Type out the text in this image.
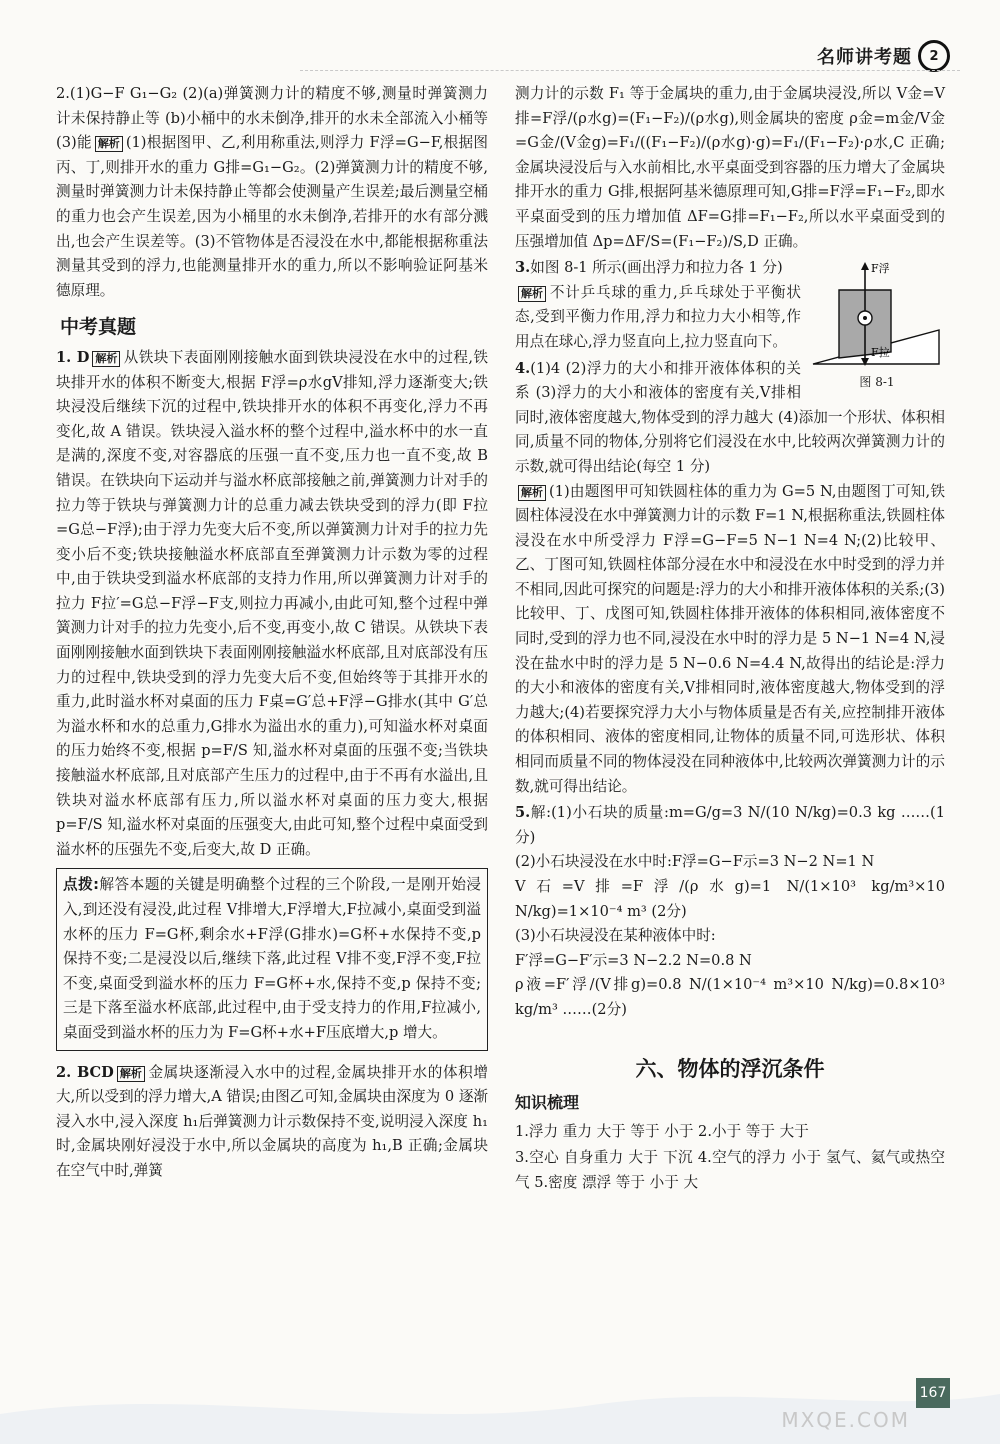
名师讲考题	2

2.(1)G−F G₁−G₂ (2)(a)弹簧测力计的精度不够,测量时弹簧测力计未保持静止等 (b)小桶中的水未倒净,排开的水未全部流入小桶等 (3)能 解析 (1)根据图甲、乙,利用称重法,则浮力 F浮=G−F,根据图丙、丁,则排开水的重力 G排=G₁−G₂。(2)弹簧测力计的精度不够,测量时弹簧测力计未保持静止等都会使测量产生误差;最后测量空桶的重力也会产生误差,因为小桶里的水未倒净,若排开的水有部分溅出,也会产生误差等。(3)不管物体是否浸没在水中,都能根据称重法测量其受到的浮力,也能测量排开水的重力,所以不影响验证阿基米德原理。

中考真题

1. D 解析 从铁块下表面刚刚接触水面到铁块浸没在水中的过程,铁块排开水的体积不断变大,根据 F浮=ρ水gV排知,浮力逐渐变大;铁块浸没后继续下沉的过程中,铁块排开水的体积不再变化,浮力不再变化,故 A 错误。铁块浸入溢水杯的整个过程中,溢水杯中的水一直是满的,深度不变,对容器底的压强一直不变,压力也一直不变,故 B 错误。在铁块向下运动并与溢水杯底部接触之前,弹簧测力计对手的拉力等于铁块与弹簧测力计的总重力减去铁块受到的浮力(即 F拉=G总−F浮);由于浮力先变大后不变,所以弹簧测力计对手的拉力先变小后不变;铁块接触溢水杯底部直至弹簧测力计示数为零的过程中,由于铁块受到溢水杯底部的支持力作用,所以弹簧测力计对手的拉力 F拉′=G总−F浮−F支,则拉力再减小,由此可知,整个过程中弹簧测力计对手的拉力先变小,后不变,再变小,故 C 错误。从铁块下表面刚刚接触水面到铁块下表面刚刚接触溢水杯底部,且对底部没有压力的过程中,铁块受到的浮力先变大后不变,但始终等于其排开水的重力,此时溢水杯对桌面的压力 F桌=G′总+F浮−G排水(其中 G′总为溢水杯和水的总重力,G排水为溢出水的重力),可知溢水杯对桌面的压力始终不变,根据 p=F/S 知,溢水杯对桌面的压强不变;当铁块接触溢水杯底部,且对底部产生压力的过程中,由于不再有水溢出,且铁块对溢水杯底部有压力,所以溢水杯对桌面的压力变大,根据 p=F/S 知,溢水杯对桌面的压强变大,由此可知,整个过程中桌面受到溢水杯的压强先不变,后变大,故 D 正确。

点拨:解答本题的关键是明确整个过程的三个阶段,一是刚开始浸入,到还没有浸没,此过程 V排增大,F浮增大,F拉减小,桌面受到溢水杯的压力 F=G杯,剩余水+F浮(G排水)=G杯+水保持不变,p 保持不变;二是浸没以后,继续下落,此过程 V排不变,F浮不变,F拉不变,桌面受到溢水杯的压力 F=G杯+水,保持不变,p 保持不变;三是下落至溢水杯底部,此过程中,由于受支持力的作用,F拉减小,桌面受到溢水杯的压力为 F=G杯+水+F压底增大,p 增大。

2. BCD 解析 金属块逐渐浸入水中的过程,金属块排开水的体积增大,所以受到的浮力增大,A 错误;由图乙可知,金属块由深度为 0 逐渐浸入水中,浸入深度 h₁后弹簧测力计示数保持不变,说明浸入深度 h₁时,金属块刚好浸没于水中,所以金属块的高度为 h₁,B 正确;金属块在空气中时,弹簧

测力计的示数 F₁ 等于金属块的重力,由于金属块浸没,所以 V金=V排=F浮/(ρ水g)=(F₁−F₂)/(ρ水g),则金属块的密度 ρ金=m金/V金=G金/(V金g)=F₁/((F₁−F₂)/(ρ水g)·g)=F₁/(F₁−F₂)·ρ水,C 正确;金属块浸没后与入水前相比,水平桌面受到容器的压力增大了金属块排开水的重力 G排,根据阿基米德原理可知,G排=F浮=F₁−F₂,即水平桌面受到的压力增加值 ΔF=G排=F₁−F₂,所以水平桌面受到的压强增加值 Δp=ΔF/S=(F₁−F₂)/S,D 正确。

F浮
F拉
图 8-1

3.如图 8-1 所示(画出浮力和拉力各 1 分)
解析 不计乒乓球的重力,乒乓球处于平衡状态,受到平衡力作用,浮力和拉力大小相等,作用点在球心,浮力竖直向上,拉力竖直向下。

4.(1)4 (2)浮力的大小和排开液体体积的关系 (3)浮力的大小和液体的密度有关,V排相同时,液体密度越大,物体受到的浮力越大 (4)添加一个形状、体积相同,质量不同的物体,分别将它们浸没在水中,比较两次弹簧测力计的示数,就可得出结论(每空 1 分)
解析 (1)由题图甲可知铁圆柱体的重力为 G=5 N,由题图丁可知,铁圆柱体浸没在水中弹簧测力计的示数 F=1 N,根据称重法,铁圆柱体浸没在水中所受浮力 F浮=G−F=5 N−1 N=4 N;(2)比较甲、乙、丁图可知,铁圆柱体部分浸在水中和浸没在水中时受到的浮力并不相同,因此可探究的问题是:浮力的大小和排开液体体积的关系;(3)比较甲、丁、戊图可知,铁圆柱体排开液体的体积相同,液体密度不同时,受到的浮力也不同,浸没在水中时的浮力是 5 N−1 N=4 N,浸没在盐水中时的浮力是 5 N−0.6 N=4.4 N,故得出的结论是:浮力的大小和液体的密度有关,V排相同时,液体密度越大,物体受到的浮力越大;(4)若要探究浮力大小与物体质量是否有关,应控制排开液体的体积相同、液体的密度相同,让物体的质量不同,可选形状、体积相同而质量不同的物体浸没在同种液体中,比较两次弹簧测力计的示数,就可得出结论。

5.解:(1)小石块的质量:m=G/g=3 N/(10 N/kg)=0.3 kg ……(1分)
(2)小石块浸没在水中时:F浮=G−F示=3 N−2 N=1 N
V石=V排=F浮/(ρ水g)=1 N/(1×10³ kg/m³×10 N/kg)=1×10⁻⁴ m³ (2分)
(3)小石块浸没在某种液体中时:
F′浮=G−F′示=3 N−2.2 N=0.8 N
ρ液=F′浮/(V排g)=0.8 N/(1×10⁻⁴ m³×10 N/kg)=0.8×10³ kg/m³ ……(2分)
六、物体的浮沉条件
知识梳理
1.浮力 重力 大于 等于 小于 2.小于 等于 大于
3.空心 自身重力 大于 下沉 4.空气的浮力 小于 氢气、氦气或热空气 5.密度 漂浮 等于 小于 大
MXQE.COM
167
